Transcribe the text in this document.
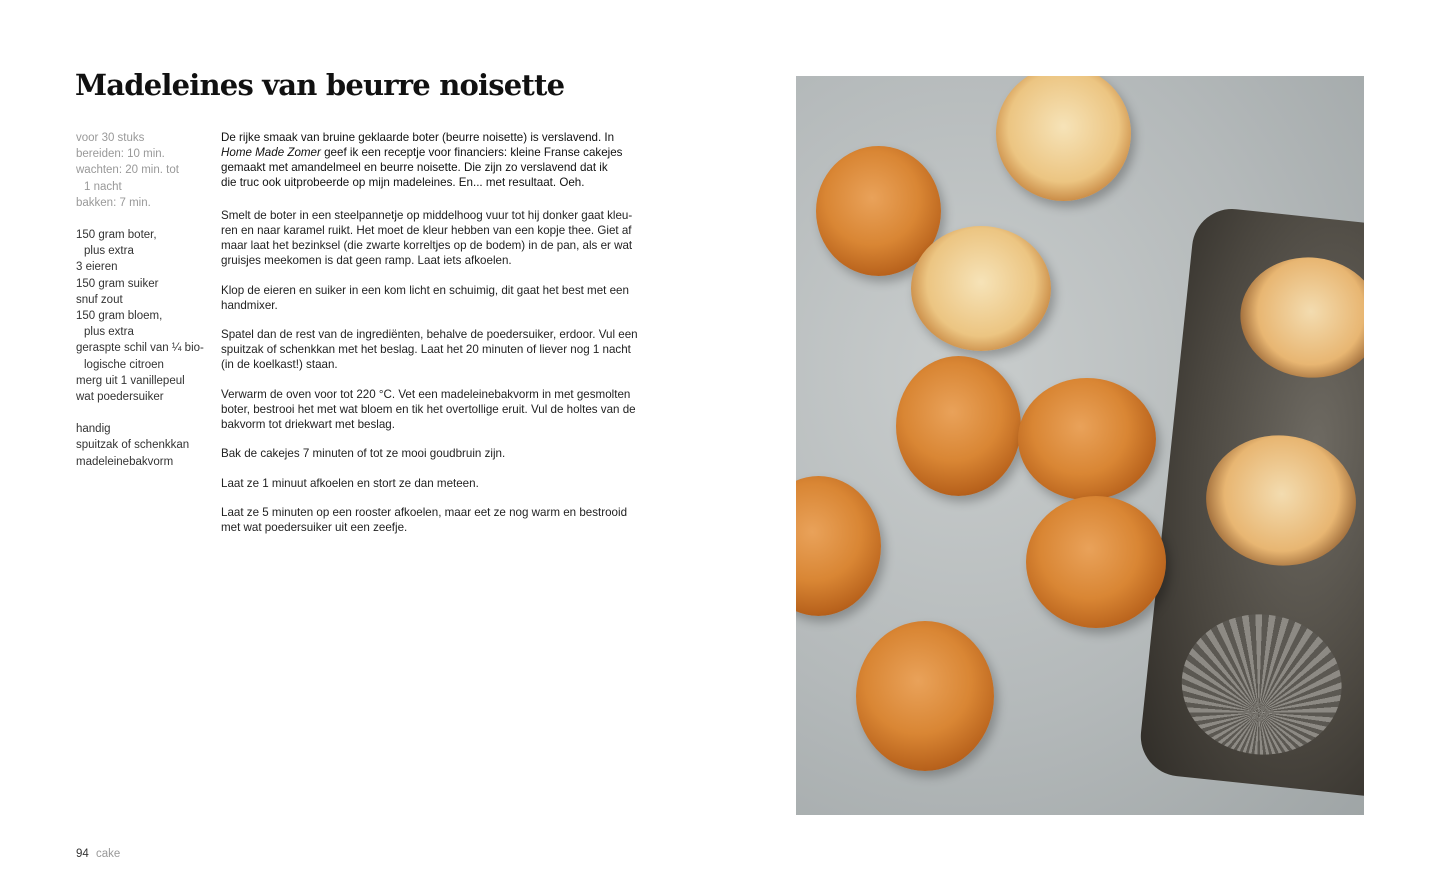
Madeleines van beurre noisette
voor 30 stuks
bereiden: 10 min.
wachten: 20 min. tot
1 nacht
bakken: 7 min.
150 gram boter,
plus extra
3 eieren
150 gram suiker
snuf zout
150 gram bloem,
plus extra
geraspte schil van ¼ bio-
logische citroen
merg uit 1 vanillepeul
wat poedersuiker
handig
spuitzak of schenkkan
madeleinebakvorm
De rijke smaak van bruine geklaarde boter (beurre noisette) is verslavend. In
Home Made Zomer geef ik een receptje voor financiers: kleine Franse cakejes
gemaakt met amandelmeel en beurre noisette. Die zijn zo verslavend dat ik
die truc ook uitprobeerde op mijn madeleines. En... met resultaat. Oeh.
Smelt de boter in een steelpannetje op middelhoog vuur tot hij donker gaat kleu-
ren en naar karamel ruikt. Het moet de kleur hebben van een kopje thee. Giet af
maar laat het bezinksel (die zwarte korreltjes op de bodem) in de pan, als er wat
gruisjes meekomen is dat geen ramp. Laat iets afkoelen.
Klop de eieren en suiker in een kom licht en schuimig, dit gaat het best met een
handmixer.
Spatel dan de rest van de ingrediënten, behalve de poedersuiker, erdoor. Vul een
spuitzak of schenkkan met het beslag. Laat het 20 minuten of liever nog 1 nacht
(in de koelkast!) staan.
Verwarm de oven voor tot 220 °C. Vet een madeleinebakvorm in met gesmolten
boter, bestrooi het met wat bloem en tik het overtollige eruit. Vul de holtes van de
bakvorm tot driekwart met beslag.
Bak de cakejes 7 minuten of tot ze mooi goudbruin zijn.
Laat ze 1 minuut afkoelen en stort ze dan meteen.
Laat ze 5 minuten op een rooster afkoelen, maar eet ze nog warm en bestrooid
met wat poedersuiker uit een zeefje.
94 cake
